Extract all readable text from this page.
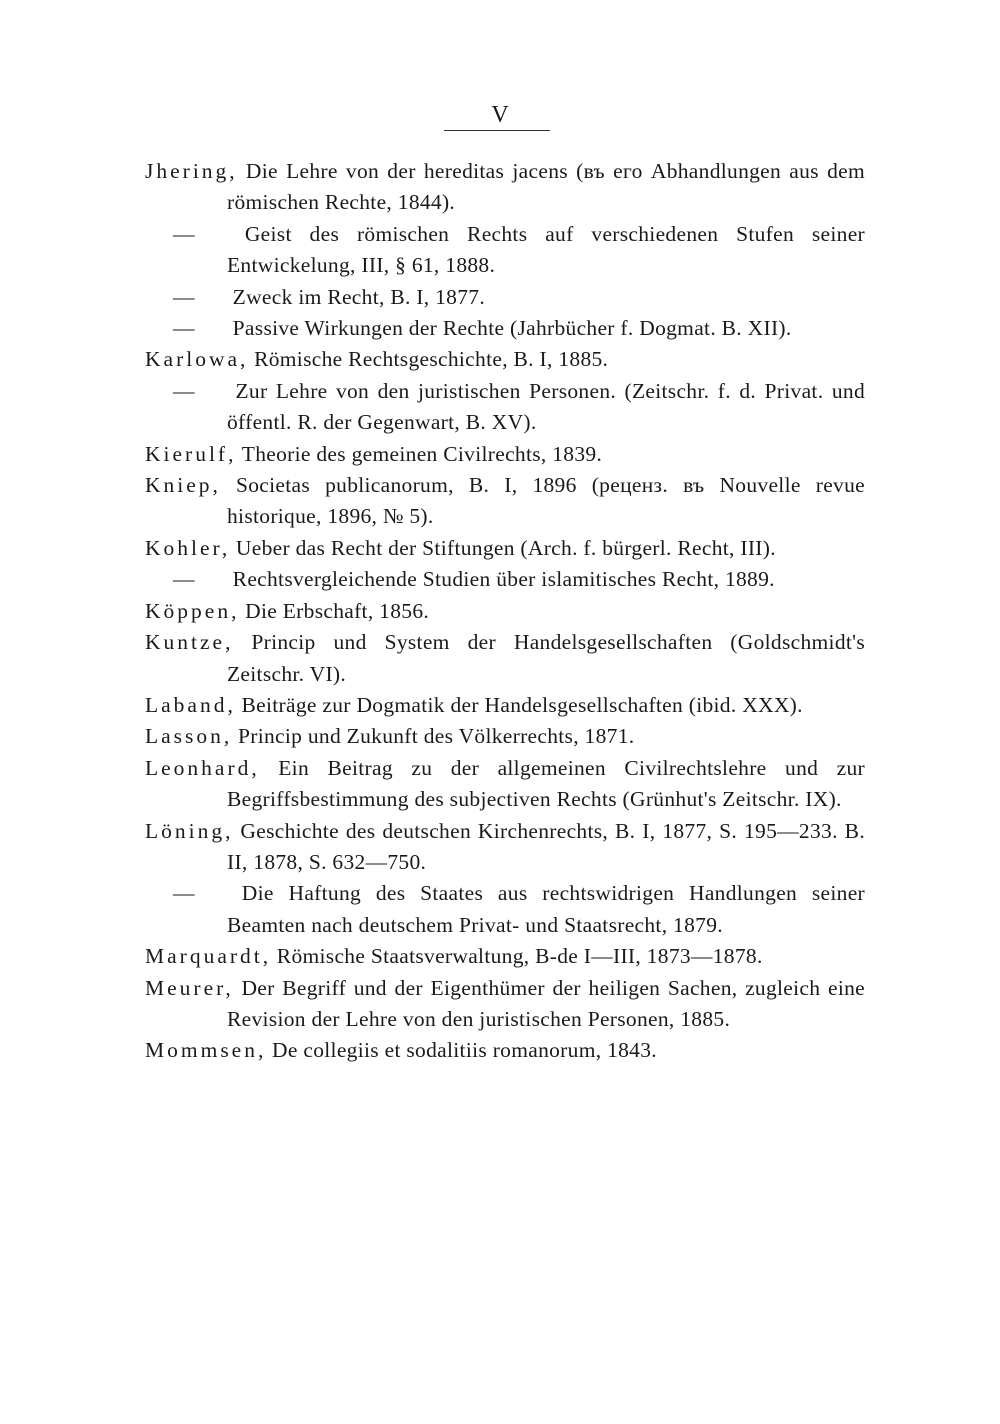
V
Jhering, Die Lehre von der hereditas jacens (въ его Abhandlungen aus dem römischen Rechte, 1844).
— Geist des römischen Rechts auf verschiedenen Stufen seiner Entwickelung, III, § 61, 1888.
— Zweck im Recht, B. I, 1877.
— Passive Wirkungen der Rechte (Jahrbücher f. Dogmat. B. XII).
Karlowa, Römische Rechtsgeschichte, B. I, 1885.
— Zur Lehre von den juristischen Personen. (Zeitschr. f. d. Privat. und öffentl. R. der Gegenwart, B. XV).
Kierulf, Theorie des gemeinen Civilrechts, 1839.
Kniep, Societas publicanorum, B. I, 1896 (реценз. въ Nouvelle revue historique, 1896, № 5).
Kohler, Ueber das Recht der Stiftungen (Arch. f. bürgerl. Recht, III).
— Rechtsvergleichende Studien über islamitisches Recht, 1889.
Köppen, Die Erbschaft, 1856.
Kuntze, Princip und System der Handelsgesellschaften (Goldschmidt's Zeitschr. VI).
Laband, Beiträge zur Dogmatik der Handelsgesellschaften (ibid. XXX).
Lasson, Princip und Zukunft des Völkerrechts, 1871.
Leonhard, Ein Beitrag zu der allgemeinen Civilrechtslehre und zur Begriffsbestimmung des subjectiven Rechts (Grünhut's Zeitschr. IX).
Löning, Geschichte des deutschen Kirchenrechts, B. I, 1877, S. 195—233. B. II, 1878, S. 632—750.
— Die Haftung des Staates aus rechtswidrigen Handlungen seiner Beamten nach deutschem Privat- und Staatsrecht, 1879.
Marquardt, Römische Staatsverwaltung, B-de I—III, 1873—1878.
Meurer, Der Begriff und der Eigenthümer der heiligen Sachen, zugleich eine Revision der Lehre von den juristischen Personen, 1885.
Mommsen, De collegiis et sodalitiis romanorum, 1843.
